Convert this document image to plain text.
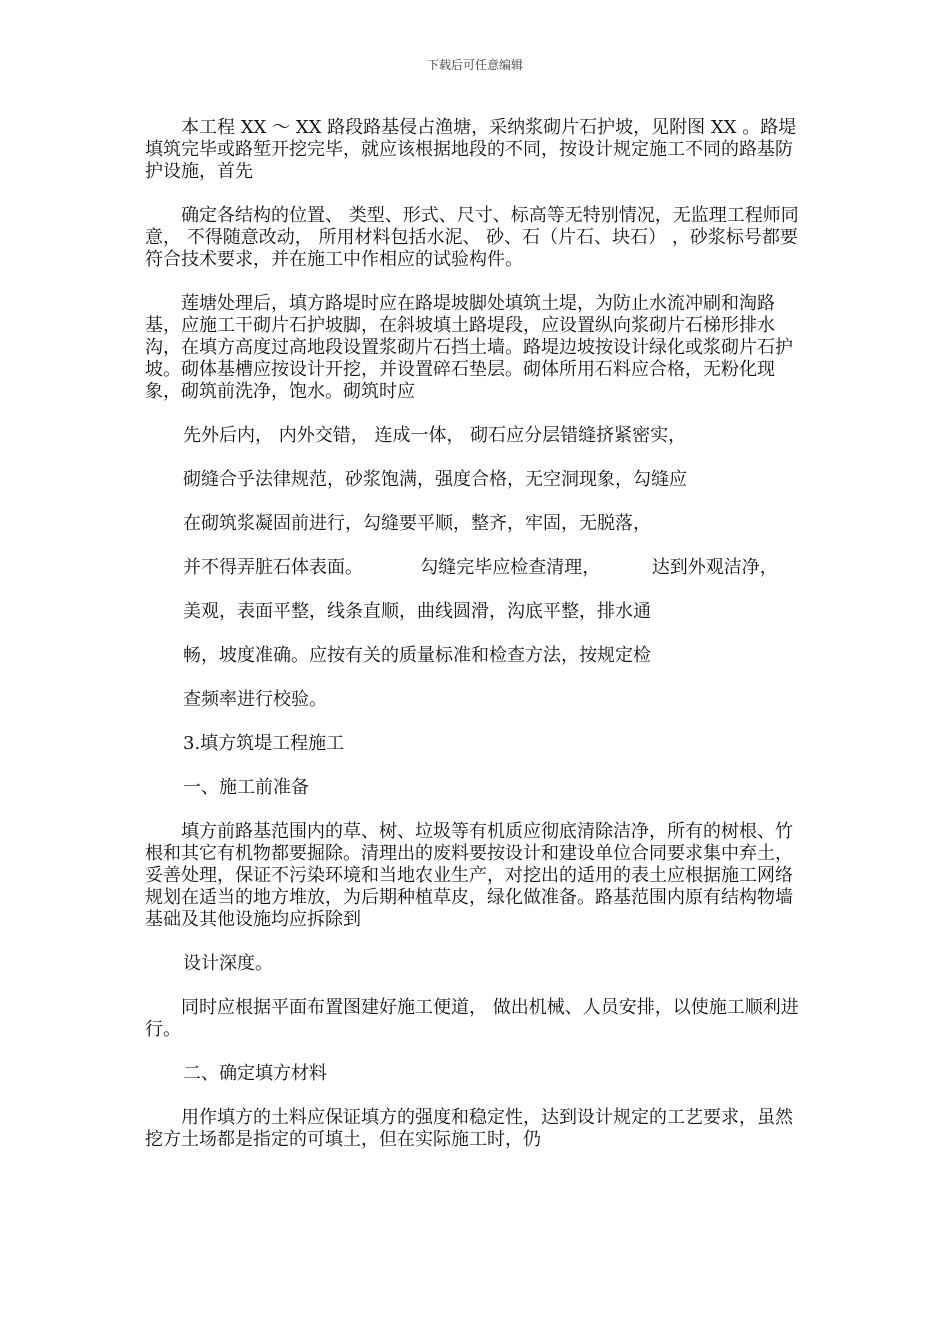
下载后可任意编辑

本工程 XX ～ XX 路段路基侵占渔塘，采纳浆砌片石护坡，见附图 XX 。路堤填筑完毕或路堑开挖完毕，就应该根据地段的不同，按设计规定施工不同的路基防护设施，首先

确定各结构的位置、 类型、形式、尺寸、标高等无特别情况，无监理工程师同意， 不得随意改动， 所用材料包括水泥、 砂、石（片石、块石） ，砂浆标号都要符合技术要求，并在施工中作相应的试验构件。

莲塘处理后，填方路堤时应在路堤坡脚处填筑土堤，为防止水流冲刷和淘路基，应施工干砌片石护坡脚，在斜坡填土路堤段，应设置纵向浆砌片石梯形排水沟，在填方高度过高地段设置浆砌片石挡土墙。路堤边坡按设计绿化或浆砌片石护坡。砌体基槽应按设计开挖，并设置碎石垫层。砌体所用石料应合格，无粉化现象，砌筑前洗净，饱水。砌筑时应

先外后内， 内外交错， 连成一体， 砌石应分层错缝挤紧密实，

砌缝合乎法律规范，砂浆饱满，强度合格，无空洞现象，勾缝应

在砌筑浆凝固前进行，勾缝要平顺，整齐，牢固，无脱落，

并不得弄脏石体表面。          勾缝完毕应检查清理，         达到外观洁净，

美观，表面平整，线条直顺，曲线圆滑，沟底平整，排水通

畅，坡度准确。应按有关的质量标准和检查方法，按规定检

查频率进行校验。

3.填方筑堤工程施工

一、施工前准备

填方前路基范围内的草、树、垃圾等有机质应彻底清除洁净，所有的树根、竹根和其它有机物都要掘除。清理出的废料要按设计和建设单位合同要求集中弃土，妥善处理，保证不污染环境和当地农业生产，对挖出的适用的表土应根据施工网络规划在适当的地方堆放，为后期种植草皮，绿化做准备。路基范围内原有结构物墙基础及其他设施均应拆除到

设计深度。

同时应根据平面布置图建好施工便道， 做出机械、人员安排，以使施工顺利进行。

二、确定填方材料

用作填方的土料应保证填方的强度和稳定性，达到设计规定的工艺要求，虽然挖方土场都是指定的可填土，但在实际施工时，仍
